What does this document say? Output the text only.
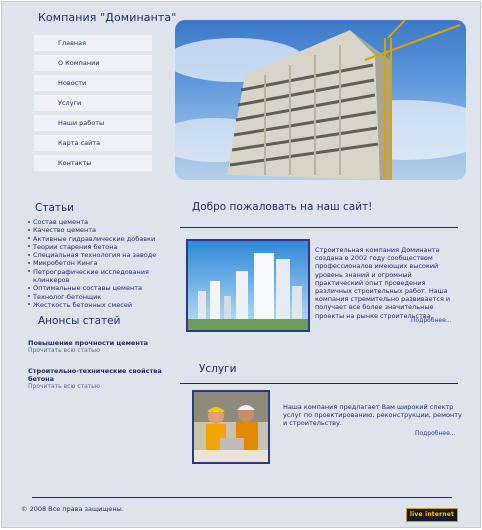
Компания "Доминанта"
Главная
О Компании
Новости
Услуги
Наши работы
Карта сайта
Контакты
Статьи
Состав цемента
Качество цемента
Активные гидравлические добавки
Теории старения бетона
Специальная технология на заводе
Микробетон Кинга
Петрографические исследования клинкеров
Оптимальные составы цемента
Технолог-бетонщик
Жесткость бетонных смесей
Анонсы статей
Повышение прочности цемента
Прочитать всю статью
Строительно-техническиe свойства бетона
Прочитать всю статью
Добро пожаловать на наш сайт!
Строительная компания Доминанта создана в 2002 году сообществом профессионалов имеющих высокий уровень знаний и огромный практический опыт проведения различных строительных работ. Наша компания стремительно развивается и получает все более значительные проекты на рынке строительства.
Подробнее...
Услуги
Наша компания предлагает Вам широкий спектр услуг по проектированию, реконструкции, ремонту и строительству.
Подробнее...
© 2008 Все права защищены.
live internet
